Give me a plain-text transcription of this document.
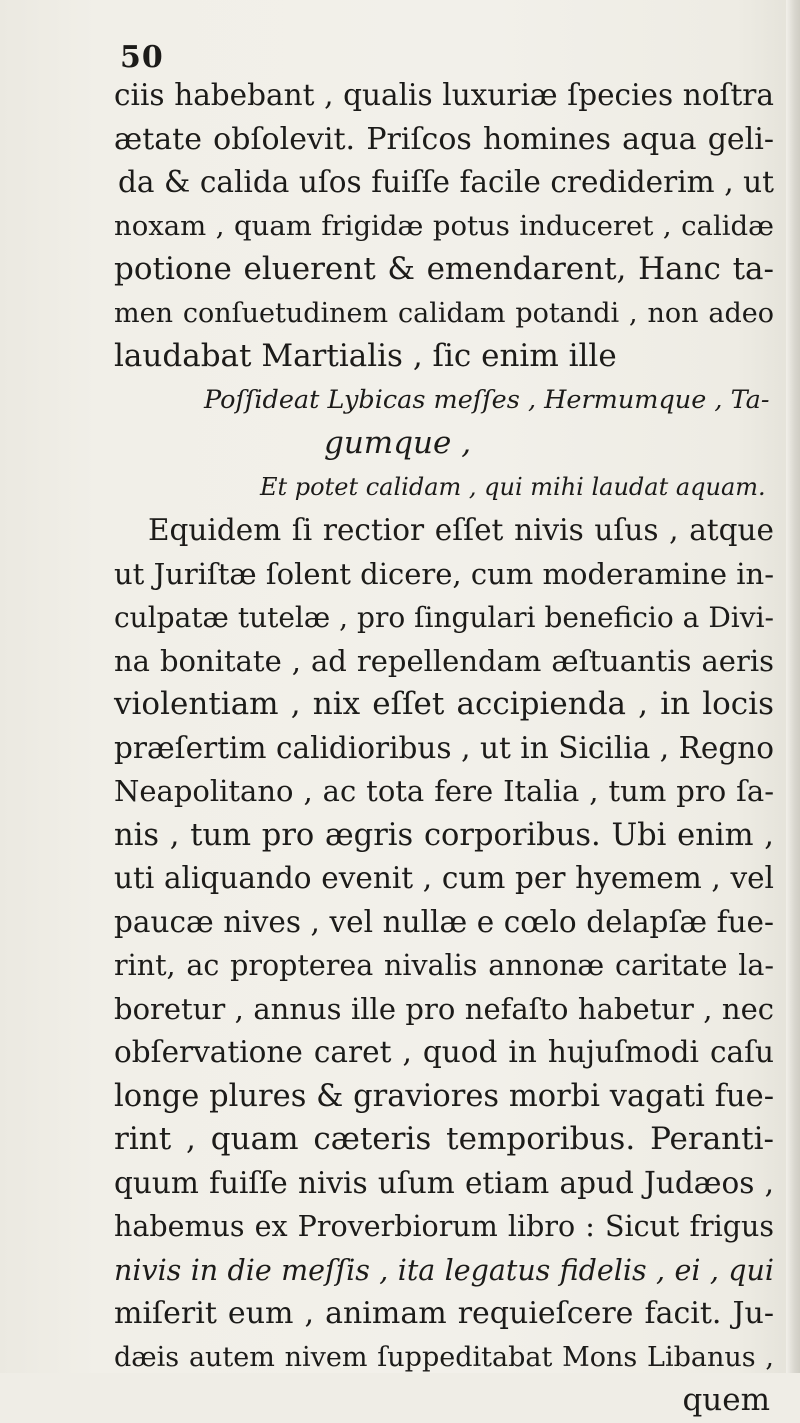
50
ciis habebant , qualis luxuriæ ſpecies noſtra
ætate obſolevit. Priſcos homines aqua geli-
da & calida uſos fuiſſe facile crediderim , ut
noxam , quam frigidæ potus induceret , calidæ
potione eluerent & emendarent, Hanc ta-
men conſuetudinem calidam potandi , non adeo
laudabat Martialis , ſic enim ille
Poſſideat Lybicas meſſes , Hermumque , Ta-
gumque ,
Et potet calidam , qui mihi laudat aquam.
Equidem ſi rectior eſſet nivis uſus , atque
ut Juriſtæ ſolent dicere, cum moderamine in-
culpatæ tutelæ , pro ſingulari beneficio a Divi-
na bonitate , ad repellendam æſtuantis aeris
violentiam , nix eſſet accipienda , in locis
præſertim calidioribus , ut in Sicilia , Regno
Neapolitano , ac tota fere Italia , tum pro ſa-
nis , tum pro ægris corporibus. Ubi enim ,
uti aliquando evenit , cum per hyemem , vel
paucæ nives , vel nullæ e cœlo delapſæ fue-
rint, ac propterea nivalis annonæ caritate la-
boretur , annus ille pro nefaſto habetur , nec
obſervatione caret , quod in hujuſmodi caſu
longe plures & graviores morbi vagati fue-
rint , quam cæteris temporibus. Peranti-
quum fuiſſe nivis uſum etiam apud Judæos ,
habemus ex Proverbiorum libro : Sicut frigus
nivis in die meſſis , ita legatus fidelis , ei , qui
miſerit eum , animam requieſcere facit. Ju-
dæis autem nivem ſuppeditabat Mons Libanus ,
quem
